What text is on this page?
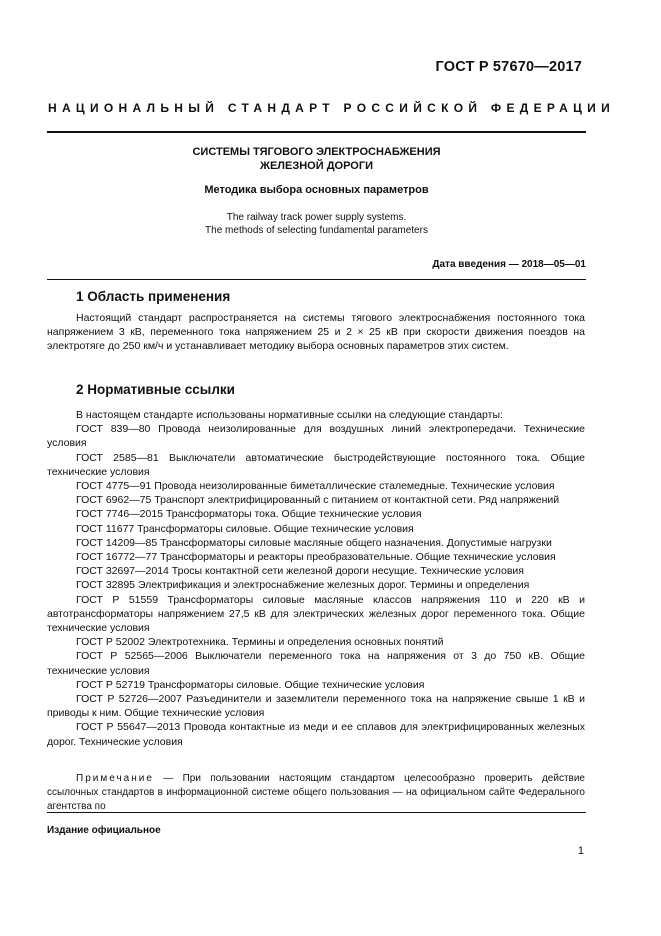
ГОСТ Р 57670—2017
НАЦИОНАЛЬНЫЙ СТАНДАРТ РОССИЙСКОЙ ФЕДЕРАЦИИ
СИСТЕМЫ ТЯГОВОГО ЭЛЕКТРОСНАБЖЕНИЯ
ЖЕЛЕЗНОЙ ДОРОГИ
Методика выбора основных параметров
The railway track power supply systems.
The methods of selecting fundamental parameters
Дата введения — 2018—05—01
1 Область применения
Настоящий стандарт распространяется на системы тягового электроснабжения постоянного тока напряжением 3 кВ, переменного тока напряжением 25 и 2 × 25 кВ при скорости движения поездов на электротяге до 250 км/ч и устанавливает методику выбора основных параметров этих систем.
2 Нормативные ссылки
В настоящем стандарте использованы нормативные ссылки на следующие стандарты:
ГОСТ 839—80 Провода неизолированные для воздушных линий электропередачи. Технические условия
ГОСТ 2585—81 Выключатели автоматические быстродействующие постоянного тока. Общие технические условия
ГОСТ 4775—91 Провода неизолированные биметаллические сталемедные. Технические условия
ГОСТ 6962—75 Транспорт электрифицированный с питанием от контактной сети. Ряд напряжений
ГОСТ 7746—2015 Трансформаторы тока. Общие технические условия
ГОСТ 11677 Трансформаторы силовые. Общие технические условия
ГОСТ 14209—85 Трансформаторы силовые масляные общего назначения. Допустимые нагрузки
ГОСТ 16772—77 Трансформаторы и реакторы преобразовательные. Общие технические условия
ГОСТ 32697—2014 Тросы контактной сети железной дороги несущие. Технические условия
ГОСТ 32895 Электрификация и электроснабжение железных дорог. Термины и определения
ГОСТ Р 51559 Трансформаторы силовые масляные классов напряжения 110 и 220 кВ и автотрансформаторы напряжением 27,5 кВ для электрических железных дорог переменного тока. Общие технические условия
ГОСТ Р 52002 Электротехника. Термины и определения основных понятий
ГОСТ Р 52565—2006 Выключатели переменного тока на напряжения от 3 до 750 кВ. Общие технические условия
ГОСТ Р 52719 Трансформаторы силовые. Общие технические условия
ГОСТ Р 52726—2007 Разъединители и заземлители переменного тока на напряжение свыше 1 кВ и приводы к ним. Общие технические условия
ГОСТ Р 55647—2013 Провода контактные из меди и ее сплавов для электрифицированных железных дорог. Технические условия
Примечание — При пользовании настоящим стандартом целесообразно проверить действие ссылочных стандартов в информационной системе общего пользования — на официальном сайте Федерального агентства по
Издание официальное
1
